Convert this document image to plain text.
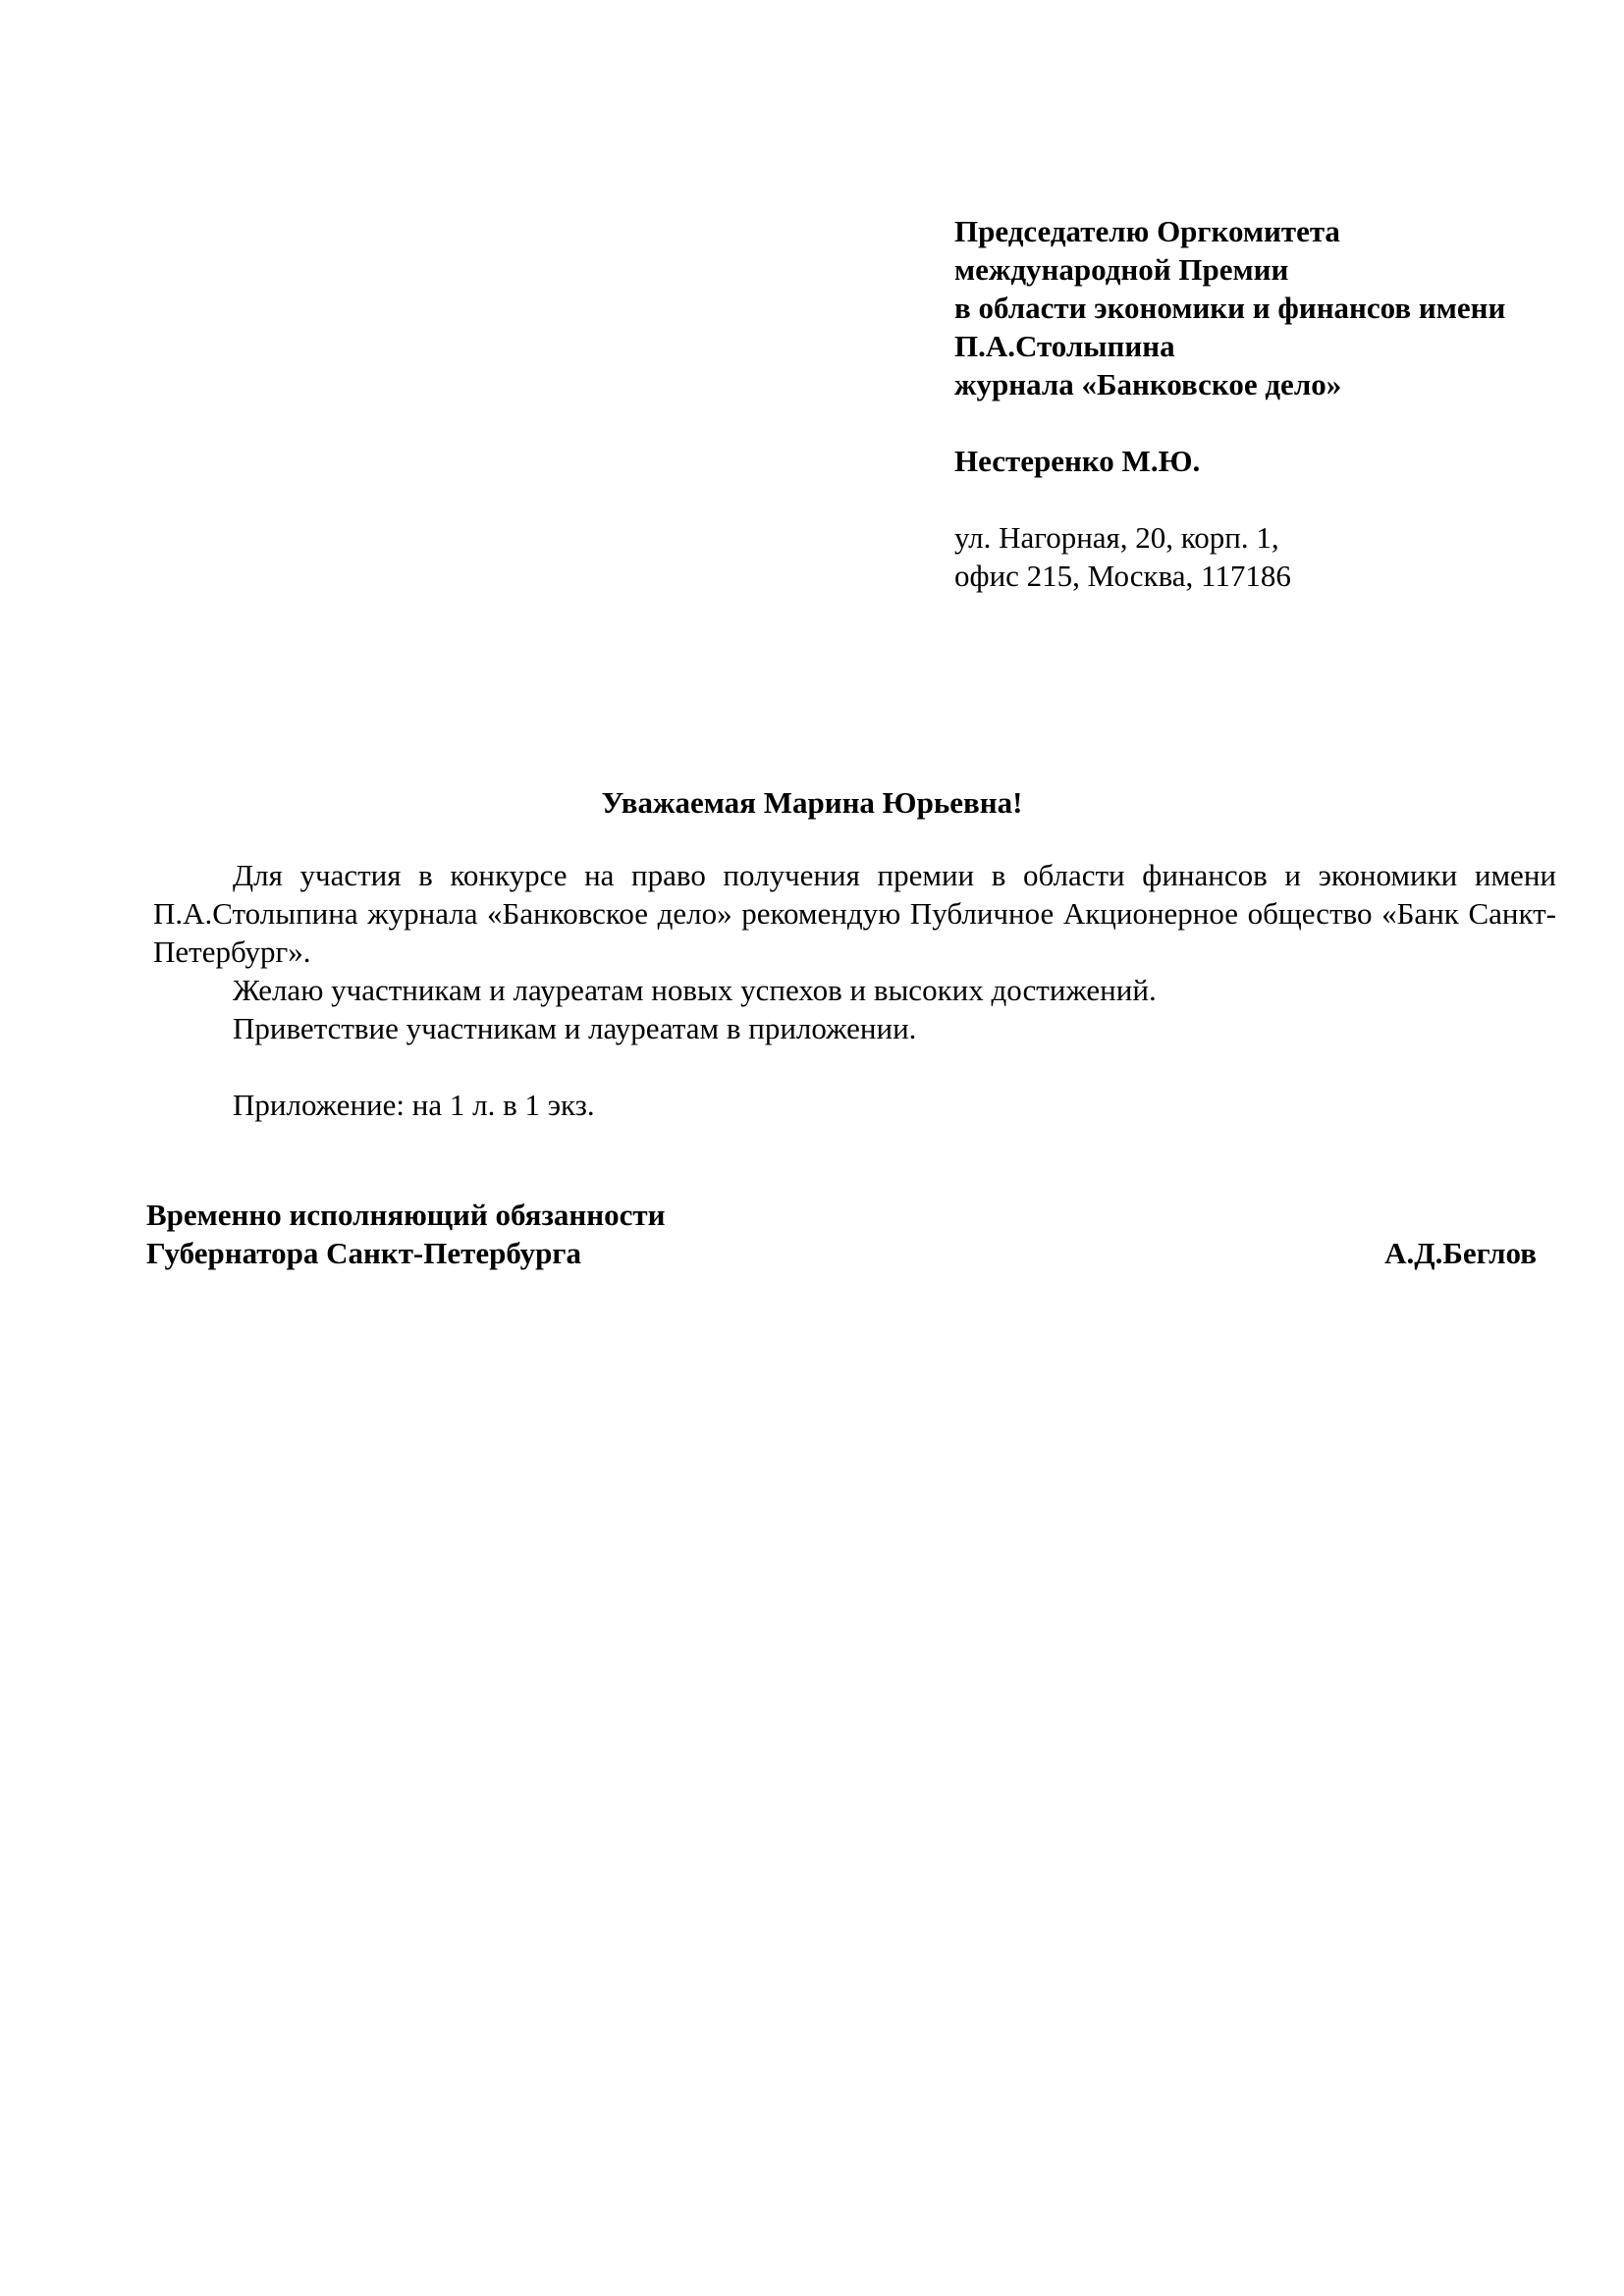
Председателю Оргкомитета
международной Премии
в области экономики и финансов имени
П.А.Столыпина
журнала «Банковское дело»
Нестеренко М.Ю.
ул. Нагорная, 20, корп. 1,
офис 215, Москва, 117186
Уважаемая Марина Юрьевна!

Для участия в конкурсе на право получения премии в области финансов и экономики имени П.А.Столыпина журнала «Банковское дело» рекомендую Публичное Акционерное общество «Банк Санкт-Петербург».

Желаю участникам и лауреатам новых успехов и высоких достижений.

Приветствие участникам и лауреатам в приложении.

Приложение: на 1 л. в 1 экз.
Временно исполняющий обязанности
Губернатора Санкт-Петербурга	А.Д.Беглов
